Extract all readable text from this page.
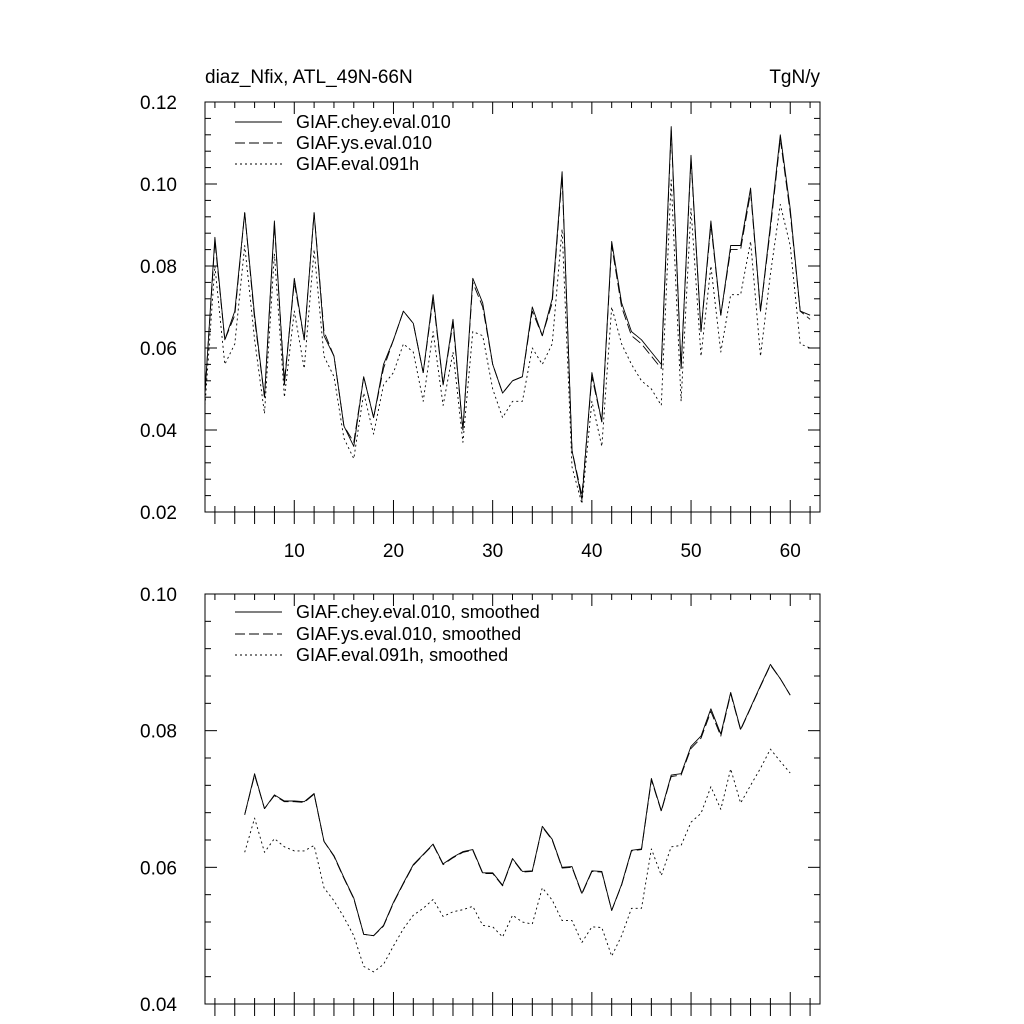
diaz_Nfix, ATL_49N-66N	TgN/y
0.02
0.04
0.06
0.08
0.10
0.12
10	20	30	40	50	60
GIAF.chey.eval.010
GIAF.ys.eval.010
GIAF.eval.091h
0.04
0.06
0.08
0.10
GIAF.chey.eval.010, smoothed
GIAF.ys.eval.010, smoothed
GIAF.eval.091h, smoothed
